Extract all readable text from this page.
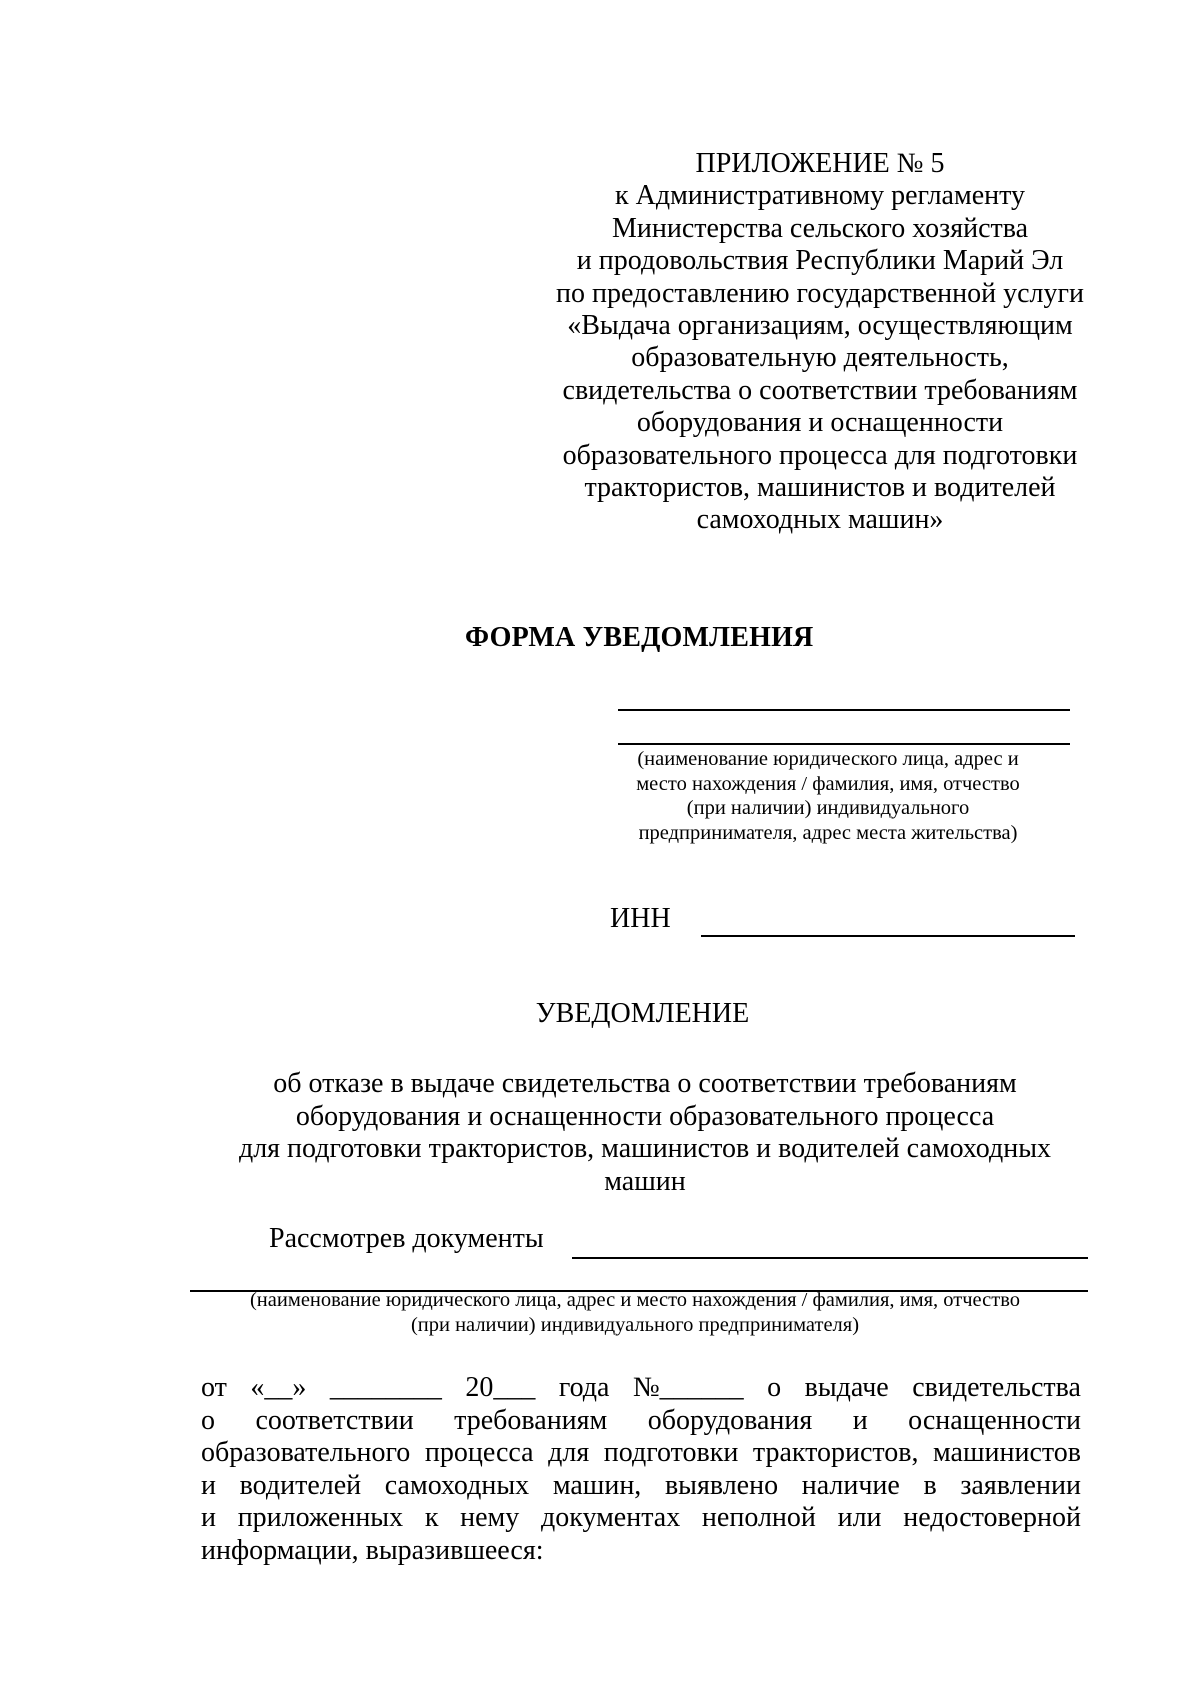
ПРИЛОЖЕНИЕ № 5
к Административному регламенту
Министерства сельского хозяйства
и продовольствия Республики Марий Эл
по предоставлению государственной услуги
«Выдача организациям, осуществляющим
образовательную деятельность,
свидетельства о соответствии требованиям
оборудования и оснащенности
образовательного процесса для подготовки
трактористов, машинистов и водителей
самоходных машин»
ФОРМА УВЕДОМЛЕНИЯ
(наименование юридического лица, адрес и
место нахождения / фамилия, имя, отчество
(при наличии) индивидуального
предпринимателя, адрес места жительства)
ИНН
УВЕДОМЛЕНИЕ
об отказе в выдаче свидетельства о соответствии требованиям
оборудования и оснащенности образовательного процесса
для подготовки трактористов, машинистов и водителей самоходных
машин
Рассмотрев документы
(наименование юридического лица, адрес и место нахождения / фамилия, имя, отчество
(при наличии) индивидуального предпринимателя)
от «__» ________ 20___ года №______ о выдаче свидетельства
о соответствии требованиям оборудования и оснащенности
образовательного процесса для подготовки трактористов, машинистов
и водителей самоходных машин, выявлено наличие в заявлении
и приложенных к нему документах неполной или недостоверной
информации, выразившееся:
